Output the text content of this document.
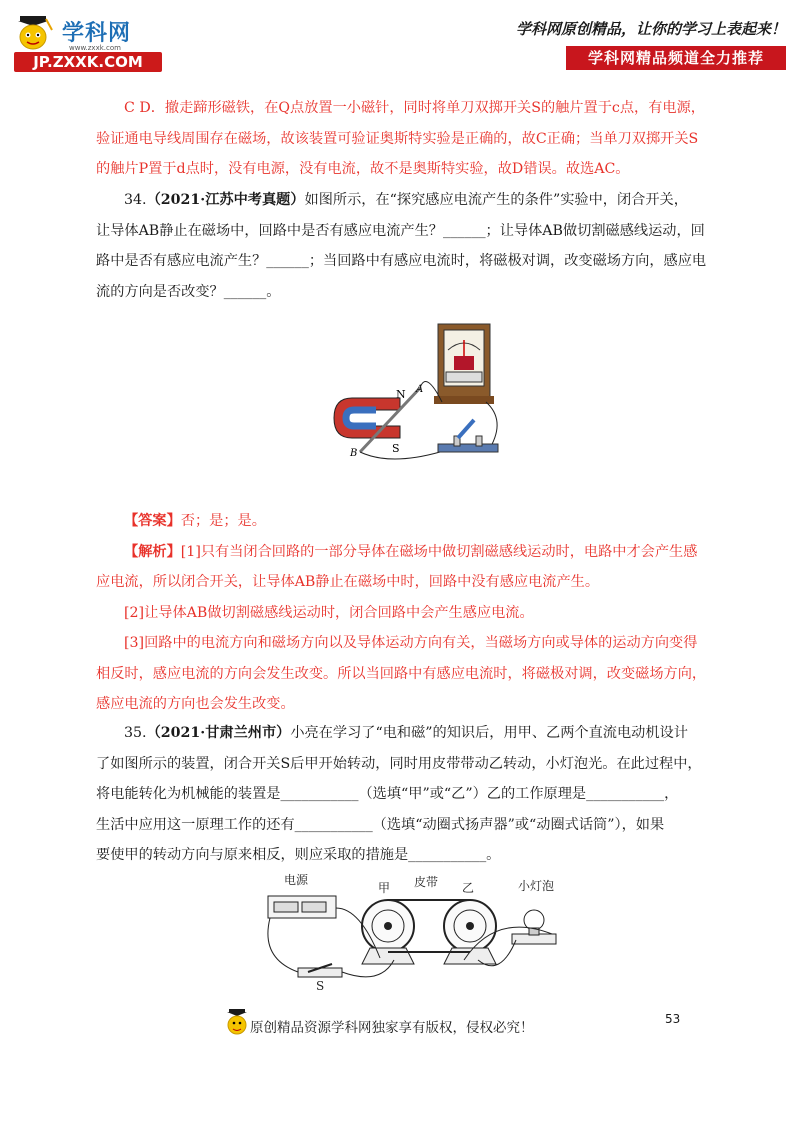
学科网
www.zxxk.com
JP.ZXXK.COM
学科网原创精品，让你的学习上表起来！
学科网精品频道全力推荐

C D．撤走蹄形磁铁，在Q点放置一小磁针，同时将单刀双掷开关S的触片置于c点，有电源，

验证通电导线周围存在磁场，故该装置可验证奥斯特实验是正确的，故C正确；当单刀双掷开关S

的触片P置于d点时，没有电源，没有电流，故不是奥斯特实验，故D错误。故选AC。

34.（2021·江苏中考真题）如图所示，在“探究感应电流产生的条件”实验中，闭合开关，

让导体AB静止在磁场中，回路中是否有感应电流产生？______；让导体AB做切割磁感线运动，回

路中是否有感应电流产生？______；当回路中有感应电流时，将磁极对调，改变磁场方向，感应电

流的方向是否改变？______。

N
S
A
B

【答案】否；是；是。

【解析】[1]只有当闭合回路的一部分导体在磁场中做切割磁感线运动时，电路中才会产生感

应电流，所以闭合开关，让导体AB静止在磁场中时，回路中没有感应电流产生。

[2]让导体AB做切割磁感线运动时，闭合回路中会产生感应电流。

[3]回路中的电流方向和磁场方向以及导体运动方向有关，当磁场方向或导体的运动方向变得

相反时，感应电流的方向会发生改变。所以当回路中有感应电流时，将磁极对调，改变磁场方向，

感应电流的方向也会发生改变。

35.（2021·甘肃兰州市）小亮在学习了“电和磁”的知识后，用甲、乙两个直流电动机设计

了如图所示的装置，闭合开关S后甲开始转动，同时用皮带带动乙转动，小灯泡光。在此过程中，

将电能转化为机械能的装置是___________（选填“甲”或“乙”）乙的工作原理是___________，

生活中应用这一原理工作的还有___________（选填“动圈式扬声器”或“动圈式话筒”），如果

要使甲的转动方向与原来相反，则应采取的措施是___________。

电源
甲 皮带 乙	小灯泡
S
原创精品资源学科网独家享有版权，侵权必究！
53
